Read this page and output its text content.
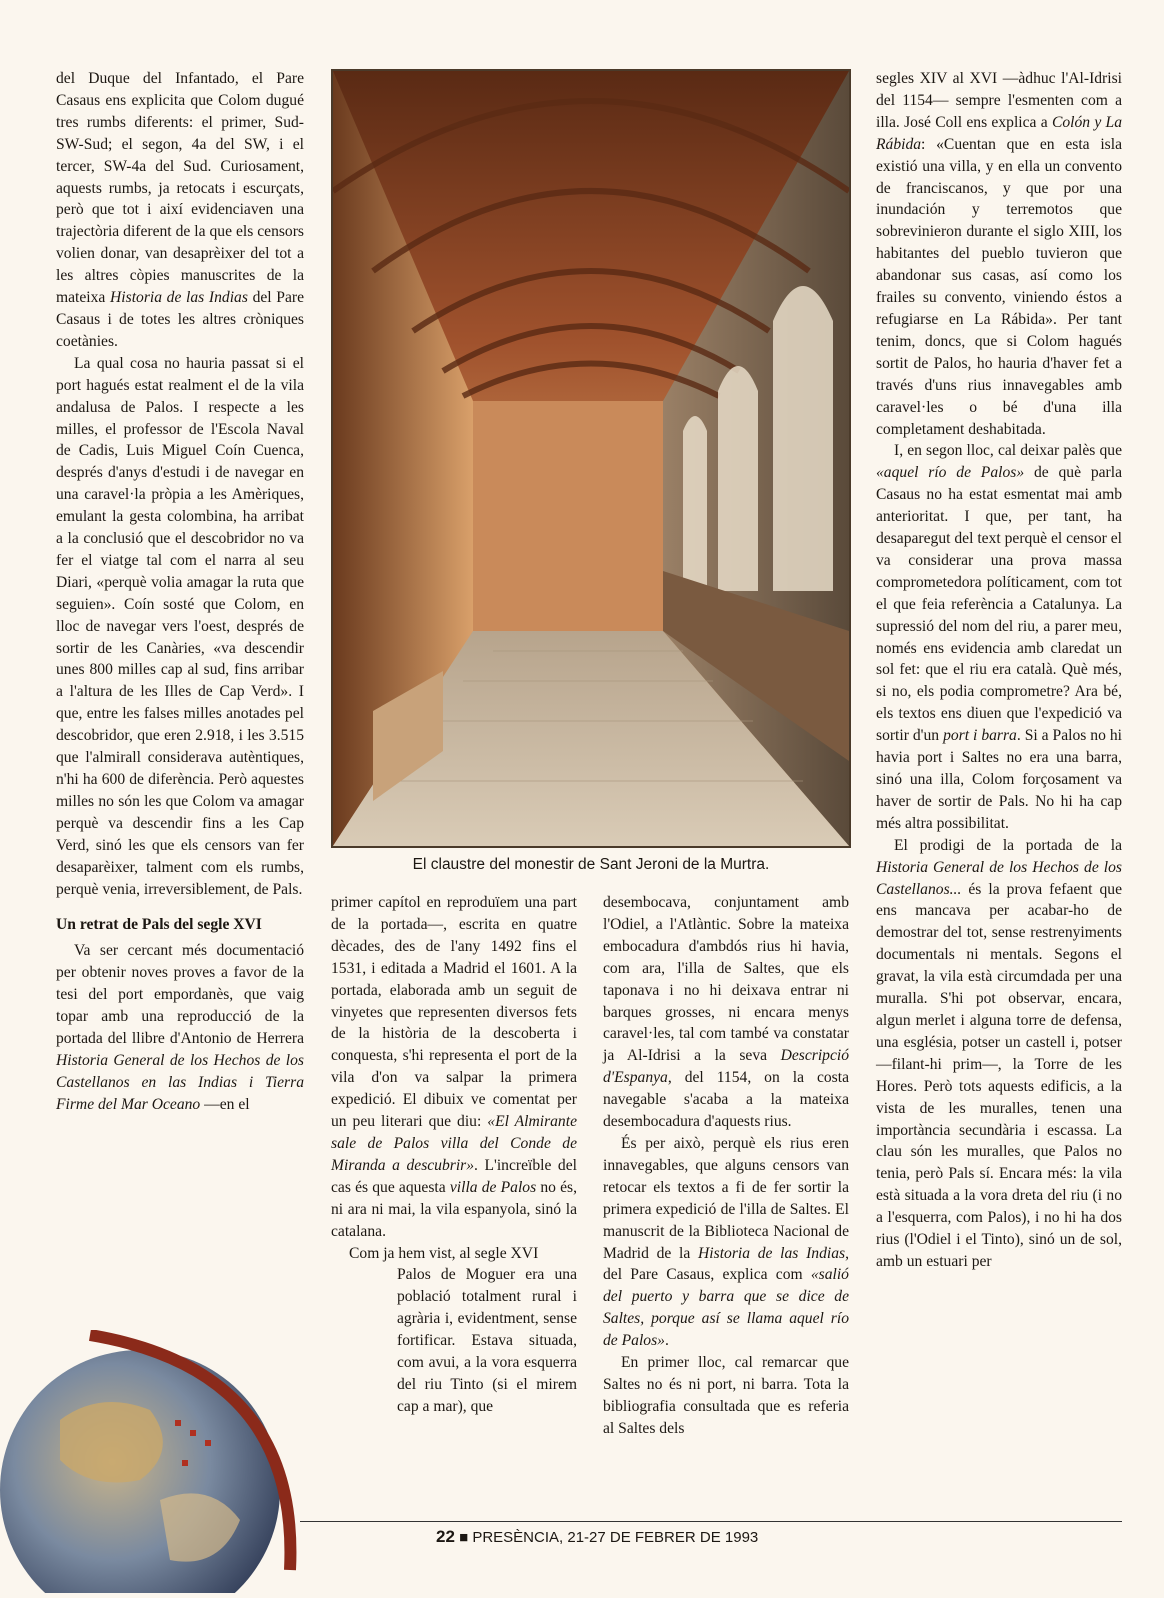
del Duque del Infantado, el Pare Casaus ens explicita que Colom dugué tres rumbs diferents: el primer, Sud-SW-Sud; el segon, 4a del SW, i el tercer, SW-4a del Sud. Curiosament, aquests rumbs, ja retocats i escurçats, però que tot i així evidenciaven una trajectòria diferent de la que els censors volien donar, van desaprèixer del tot a les altres còpies manuscrites de la mateixa Historia de las Indias del Pare Casaus i de totes les altres cròniques coetànies.

La qual cosa no hauria passat si el port hagués estat realment el de la vila andalusa de Palos. I respecte a les milles, el professor de l'Escola Naval de Cadis, Luis Miguel Coín Cuenca, després d'anys d'estudi i de navegar en una caravel·la pròpia a les Amèriques, emulant la gesta colombina, ha arribat a la conclusió que el descobridor no va fer el viatge tal com el narra al seu Diari, «perquè volia amagar la ruta que seguien». Coín sosté que Colom, en lloc de navegar vers l'oest, després de sortir de les Canàries, «va descendir unes 800 milles cap al sud, fins arribar a l'altura de les Illes de Cap Verd». I que, entre les falses milles anotades pel descobridor, que eren 2.918, i les 3.515 que l'almirall considerava autèntiques, n'hi ha 600 de diferència. Però aquestes milles no són les que Colom va amagar perquè va descendir fins a les Cap Verd, sinó les que els censors van fer desaparèixer, talment com els rumbs, perquè venia, irreversiblement, de Pals.

Un retrat de Pals del segle XVI

Va ser cercant més documentació per obtenir noves proves a favor de la tesi del port empordanès, que vaig topar amb una reproducció de la portada del llibre d'Antonio de Herrera Historia General de los Hechos de los Castellanos en las Indias i Tierra Firme del Mar Oceano —en el

El claustre del monestir de Sant Jeroni de la Murtra.

primer capítol en reproduïem una part de la portada—, escrita en quatre dècades, des de l'any 1492 fins el 1531, i editada a Madrid el 1601. A la portada, elaborada amb un seguit de vinyetes que representen diversos fets de la història de la descoberta i conquesta, s'hi representa el port de la vila d'on va salpar la primera expedició. El dibuix ve comentat per un peu literari que diu: «El Almirante sale de Palos villa del Conde de Miranda a descubrir». L'increïble del cas és que aquesta villa de Palos no és, ni ara ni mai, la vila espanyola, sinó la catalana.

Com ja hem vist, al segle XVI

Palos de Moguer era una població totalment rural i agrària i, evidentment, sense fortificar. Estava situada, com avui, a la vora esquerra del riu Tinto (si el mirem cap a mar), que

desembocava, conjuntament amb l'Odiel, a l'Atlàntic. Sobre la mateixa embocadura d'ambdós rius hi havia, com ara, l'illa de Saltes, que els taponava i no hi deixava entrar ni barques grosses, ni encara menys caravel·les, tal com també va constatar ja Al-Idrisi a la seva Descripció d'Espanya, del 1154, on la costa navegable s'acaba a la mateixa desembocadura d'aquests rius.

És per això, perquè els rius eren innavegables, que alguns censors van retocar els textos a fi de fer sortir la primera expedició de l'illa de Saltes. El manuscrit de la Biblioteca Nacional de Madrid de la Historia de las Indias, del Pare Casaus, explica com «salió del puerto y barra que se dice de Saltes, porque así se llama aquel río de Palos».

En primer lloc, cal remarcar que Saltes no és ni port, ni barra. Tota la bibliografia consultada que es referia al Saltes dels

segles XIV al XVI —àdhuc l'Al-Idrisi del 1154— sempre l'esmenten com a illa. José Coll ens explica a Colón y La Rábida: «Cuentan que en esta isla existió una villa, y en ella un convento de franciscanos, y que por una inundación y terremotos que sobrevinieron durante el siglo XIII, los habitantes del pueblo tuvieron que abandonar sus casas, así como los frailes su convento, viniendo éstos a refugiarse en La Rábida». Per tant tenim, doncs, que si Colom hagués sortit de Palos, ho hauria d'haver fet a través d'uns rius innavegables amb caravel·les o bé d'una illa completament deshabitada.

I, en segon lloc, cal deixar palès que «aquel río de Palos» de què parla Casaus no ha estat esmentat mai amb anterioritat. I que, per tant, ha desaparegut del text perquè el censor el va considerar una prova massa comprometedora políticament, com tot el que feia referència a Catalunya. La supressió del nom del riu, a parer meu, només ens evidencia amb claredat un sol fet: que el riu era català. Què més, si no, els podia comprometre? Ara bé, els textos ens diuen que l'expedició va sortir d'un port i barra. Si a Palos no hi havia port i Saltes no era una barra, sinó una illa, Colom forçosament va haver de sortir de Pals. No hi ha cap més altra possibilitat.

El prodigi de la portada de la Historia General de los Hechos de los Castellanos... és la prova fefaent que ens mancava per acabar-ho de demostrar del tot, sense restrenyiments documentals ni mentals. Segons el gravat, la vila està circumdada per una muralla. S'hi pot observar, encara, algun merlet i alguna torre de defensa, una església, potser un castell i, potser —filant-hi prim—, la Torre de les Hores. Però tots aquests edificis, a la vista de les muralles, tenen una importància secundària i escassa. La clau són les muralles, que Palos no tenia, però Pals sí. Encara més: la vila està situada a la vora dreta del riu (i no a l'esquerra, com Palos), i no hi ha dos rius (l'Odiel i el Tinto), sinó un de sol, amb un estuari per

22 ■ PRESÈNCIA, 21-27 DE FEBRER DE 1993
